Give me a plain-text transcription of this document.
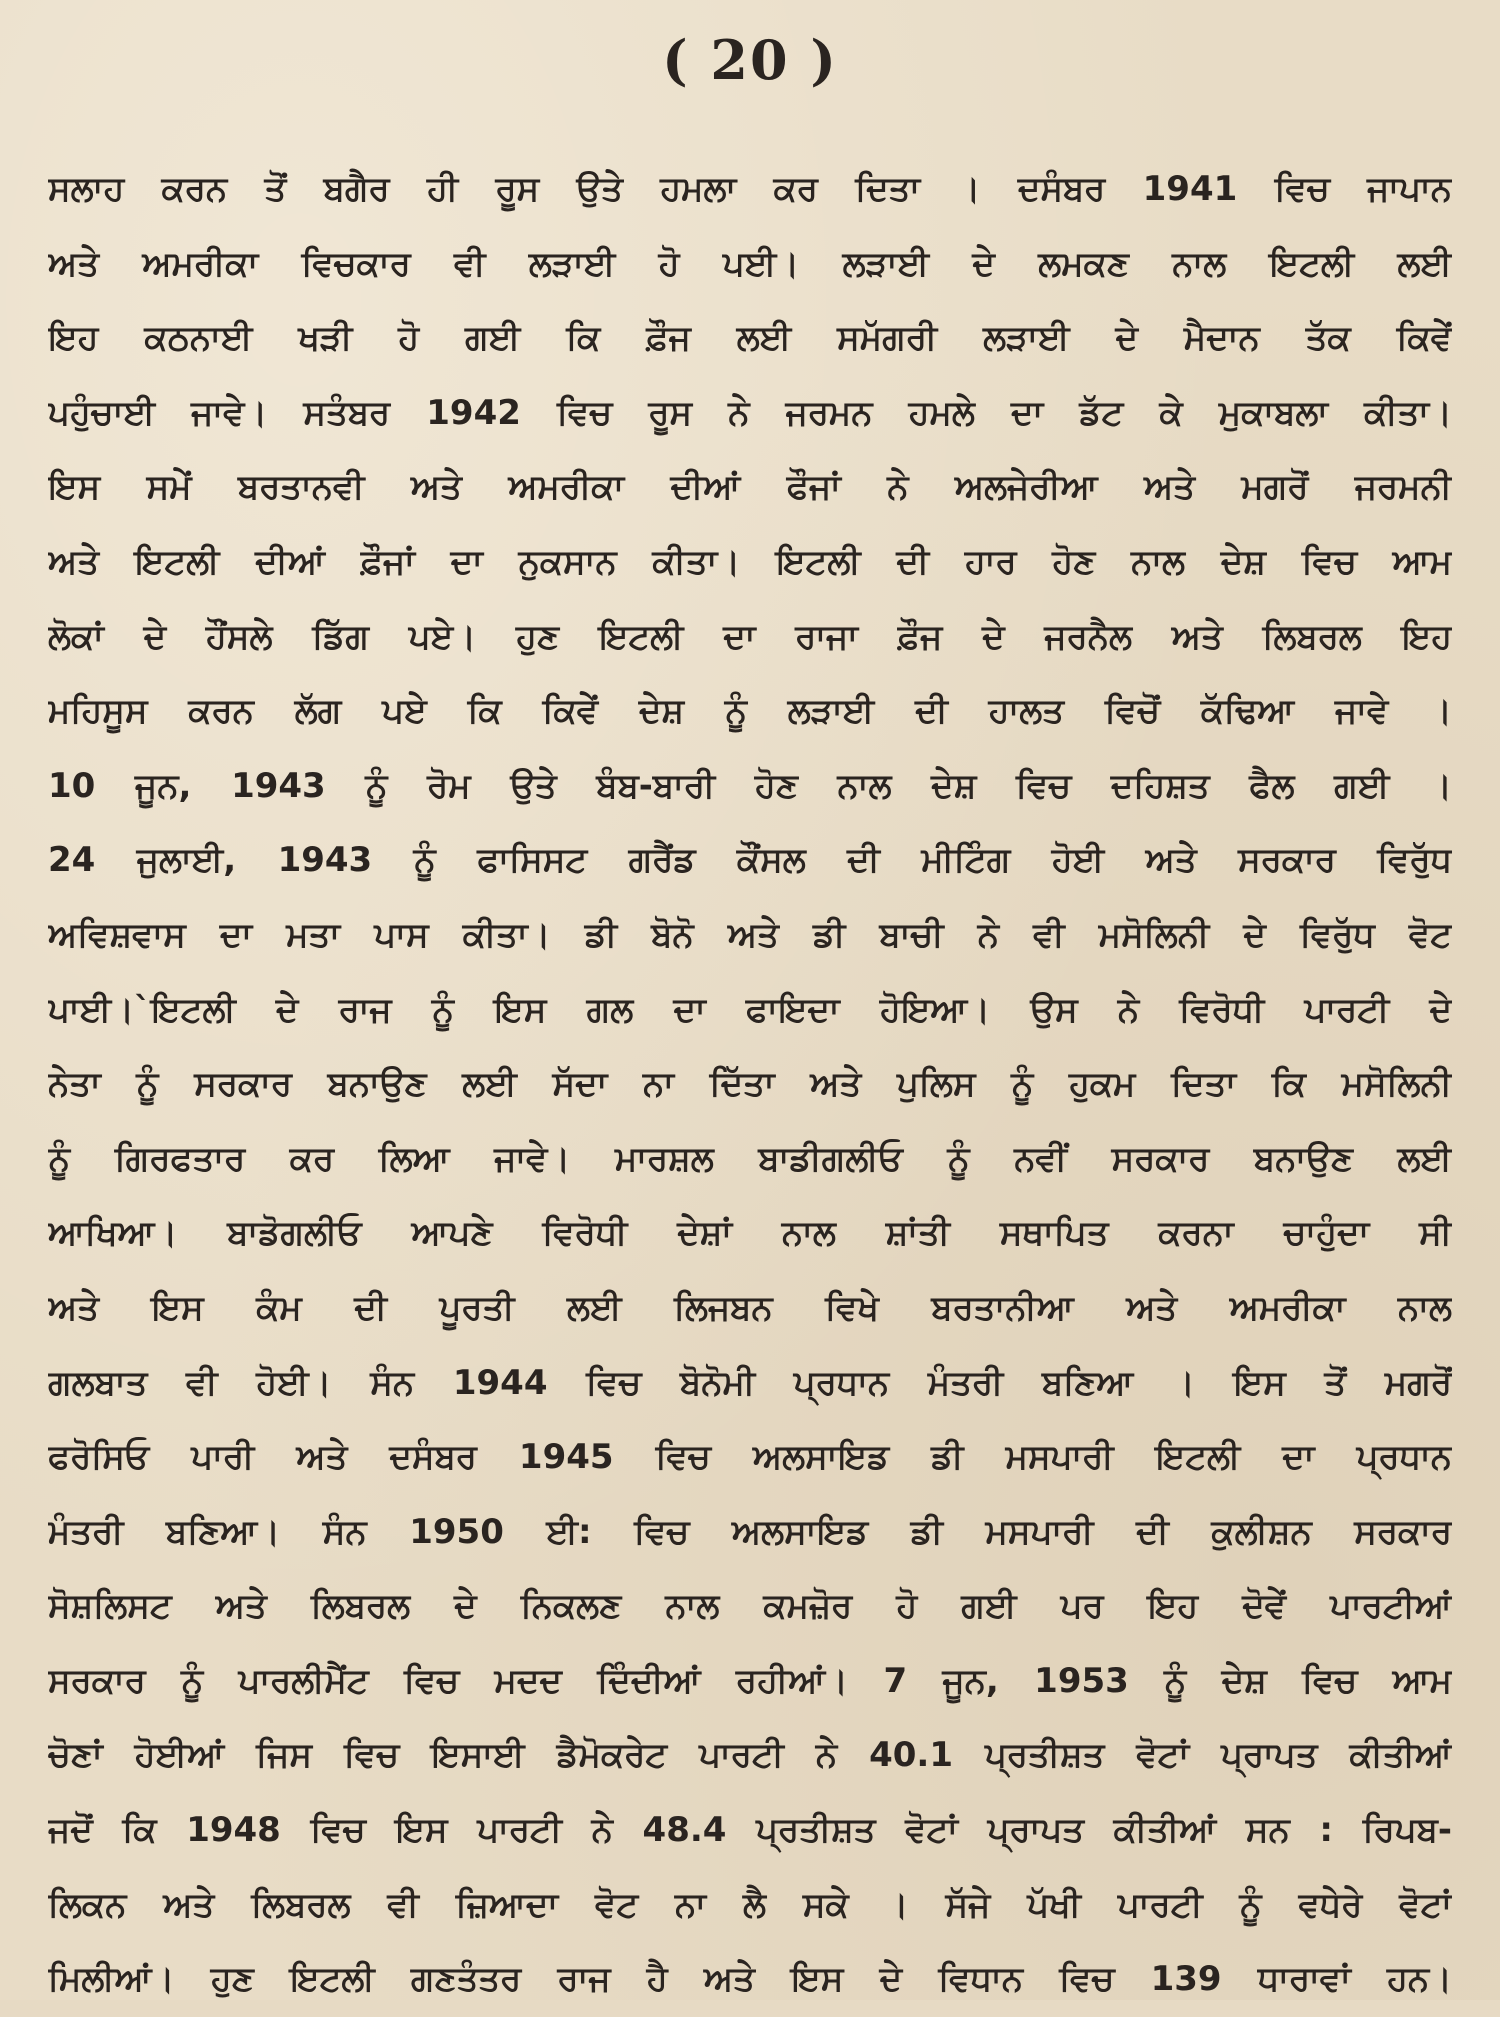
( 20 )
ਸਲਾਹ ਕਰਨ ਤੋਂ ਬਗੈਰ ਹੀ ਰੂਸ ਉਤੇ ਹਮਲਾ ਕਰ ਦਿਤਾ । ਦਸੰਬਰ 1941 ਵਿਚ ਜਾਪਾਨ
ਅਤੇ ਅਮਰੀਕਾ ਵਿਚਕਾਰ ਵੀ ਲੜਾਈ ਹੋ ਪਈ। ਲੜਾਈ ਦੇ ਲਮਕਣ ਨਾਲ ਇਟਲੀ ਲਈ
ਇਹ ਕਠਨਾਈ ਖੜੀ ਹੋ ਗਈ ਕਿ ਫ਼ੌਜ ਲਈ ਸਮੱਗਰੀ ਲੜਾਈ ਦੇ ਮੈਦਾਨ ਤੱਕ ਕਿਵੇਂ
ਪਹੁੰਚਾਈ ਜਾਵੇ। ਸਤੰਬਰ 1942 ਵਿਚ ਰੂਸ ਨੇ ਜਰਮਨ ਹਮਲੇ ਦਾ ਡੱਟ ਕੇ ਮੁਕਾਬਲਾ ਕੀਤਾ।
ਇਸ ਸਮੇਂ ਬਰਤਾਨਵੀ ਅਤੇ ਅਮਰੀਕਾ ਦੀਆਂ ਫੌਜਾਂ ਨੇ ਅਲਜੇਰੀਆ ਅਤੇ ਮਗਰੋਂ ਜਰਮਨੀ
ਅਤੇ ਇਟਲੀ ਦੀਆਂ ਫ਼ੌਜਾਂ ਦਾ ਨੁਕਸਾਨ ਕੀਤਾ। ਇਟਲੀ ਦੀ ਹਾਰ ਹੋਣ ਨਾਲ ਦੇਸ਼ ਵਿਚ ਆਮ
ਲੋਕਾਂ ਦੇ ਹੌਂਸਲੇ ਡਿੱਗ ਪਏ। ਹੁਣ ਇਟਲੀ ਦਾ ਰਾਜਾ ਫ਼ੌਜ ਦੇ ਜਰਨੈਲ ਅਤੇ ਲਿਬਰਲ ਇਹ
ਮਹਿਸੂਸ ਕਰਨ ਲੱਗ ਪਏ ਕਿ ਕਿਵੇਂ ਦੇਸ਼ ਨੂੰ ਲੜਾਈ ਦੀ ਹਾਲਤ ਵਿਚੋਂ ਕੱਢਿਆ ਜਾਵੇ ।
10 ਜੂਨ, 1943 ਨੂੰ ਰੋਮ ਉਤੇ ਬੰਬ-ਬਾਰੀ ਹੋਣ ਨਾਲ ਦੇਸ਼ ਵਿਚ ਦਹਿਸ਼ਤ ਫੈਲ ਗਈ ।
24 ਜੁਲਾਈ, 1943 ਨੂੰ ਫਾਸਿਸਟ ਗਰੈਂਡ ਕੌਂਸਲ ਦੀ ਮੀਟਿੰਗ ਹੋਈ ਅਤੇ ਸਰਕਾਰ ਵਿਰੁੱਧ
ਅਵਿਸ਼ਵਾਸ ਦਾ ਮਤਾ ਪਾਸ ਕੀਤਾ। ਡੀ ਬੋਨੋ ਅਤੇ ਡੀ ਬਾਚੀ ਨੇ ਵੀ ਮਸੋਲਿਨੀ ਦੇ ਵਿਰੁੱਧ ਵੋਟ
ਪਾਈ।`ਇਟਲੀ ਦੇ ਰਾਜ ਨੂੰ ਇਸ ਗਲ ਦਾ ਫਾਇਦਾ ਹੋਇਆ। ਉਸ ਨੇ ਵਿਰੋਧੀ ਪਾਰਟੀ ਦੇ
ਨੇਤਾ ਨੂੰ ਸਰਕਾਰ ਬਨਾਉਣ ਲਈ ਸੱਦਾ ਨਾ ਦਿੱਤਾ ਅਤੇ ਪੁਲਿਸ ਨੂੰ ਹੁਕਮ ਦਿਤਾ ਕਿ ਮਸੋਲਿਨੀ
ਨੂੰ ਗਿਰਫਤਾਰ ਕਰ ਲਿਆ ਜਾਵੇ। ਮਾਰਸ਼ਲ ਬਾਡੀਗਲੀਓ ਨੂੰ ਨਵੀਂ ਸਰਕਾਰ ਬਨਾਉਣ ਲਈ
ਆਖਿਆ। ਬਾਡੋਗਲੀਓ ਆਪਣੇ ਵਿਰੋਧੀ ਦੇਸ਼ਾਂ ਨਾਲ ਸ਼ਾਂਤੀ ਸਥਾਪਿਤ ਕਰਨਾ ਚਾਹੁੰਦਾ ਸੀ
ਅਤੇ ਇਸ ਕੰਮ ਦੀ ਪੂਰਤੀ ਲਈ ਲਿਜਬਨ ਵਿਖੇ ਬਰਤਾਨੀਆ ਅਤੇ ਅਮਰੀਕਾ ਨਾਲ
ਗਲਬਾਤ ਵੀ ਹੋਈ। ਸੰਨ 1944 ਵਿਚ ਬੋਨੋਮੀ ਪ੍ਰਧਾਨ ਮੰਤਰੀ ਬਣਿਆ । ਇਸ ਤੋਂ ਮਗਰੋਂ
ਫਰੋਸਿਓ ਪਾਰੀ ਅਤੇ ਦਸੰਬਰ 1945 ਵਿਚ ਅਲਸਾਇਡ ਡੀ ਮਸਪਾਰੀ ਇਟਲੀ ਦਾ ਪ੍ਰਧਾਨ
ਮੰਤਰੀ ਬਣਿਆ। ਸੰਨ 1950 ਈ: ਵਿਚ ਅਲਸਾਇਡ ਡੀ ਮਸਪਾਰੀ ਦੀ ਕੁਲੀਸ਼ਨ ਸਰਕਾਰ
ਸੋਸ਼ਲਿਸਟ ਅਤੇ ਲਿਬਰਲ ਦੇ ਨਿਕਲਣ ਨਾਲ ਕਮਜ਼ੋਰ ਹੋ ਗਈ ਪਰ ਇਹ ਦੋਵੇਂ ਪਾਰਟੀਆਂ
ਸਰਕਾਰ ਨੂੰ ਪਾਰਲੀਮੈਂਟ ਵਿਚ ਮਦਦ ਦਿੰਦੀਆਂ ਰਹੀਆਂ। 7 ਜੂਨ, 1953 ਨੂੰ ਦੇਸ਼ ਵਿਚ ਆਮ
ਚੋਣਾਂ ਹੋਈਆਂ ਜਿਸ ਵਿਚ ਇਸਾਈ ਡੈਮੋਕਰੇਟ ਪਾਰਟੀ ਨੇ 40.1 ਪ੍ਰਤੀਸ਼ਤ ਵੋਟਾਂ ਪ੍ਰਾਪਤ ਕੀਤੀਆਂ
ਜਦੋਂ ਕਿ 1948 ਵਿਚ ਇਸ ਪਾਰਟੀ ਨੇ 48.4 ਪ੍ਰਤੀਸ਼ਤ ਵੋਟਾਂ ਪ੍ਰਾਪਤ ਕੀਤੀਆਂ ਸਨ : ਰਿਪਬ-
ਲਿਕਨ ਅਤੇ ਲਿਬਰਲ ਵੀ ਜ਼ਿਆਦਾ ਵੋਟ ਨਾ ਲੈ ਸਕੇ । ਸੱਜੇ ਪੱਖੀ ਪਾਰਟੀ ਨੂੰ ਵਧੇਰੇ ਵੋਟਾਂ
ਮਿਲੀਆਂ। ਹੁਣ ਇਟਲੀ ਗਣਤੰਤਰ ਰਾਜ ਹੈ ਅਤੇ ਇਸ ਦੇ ਵਿਧਾਨ ਵਿਚ 139 ਧਾਰਾਵਾਂ ਹਨ।
